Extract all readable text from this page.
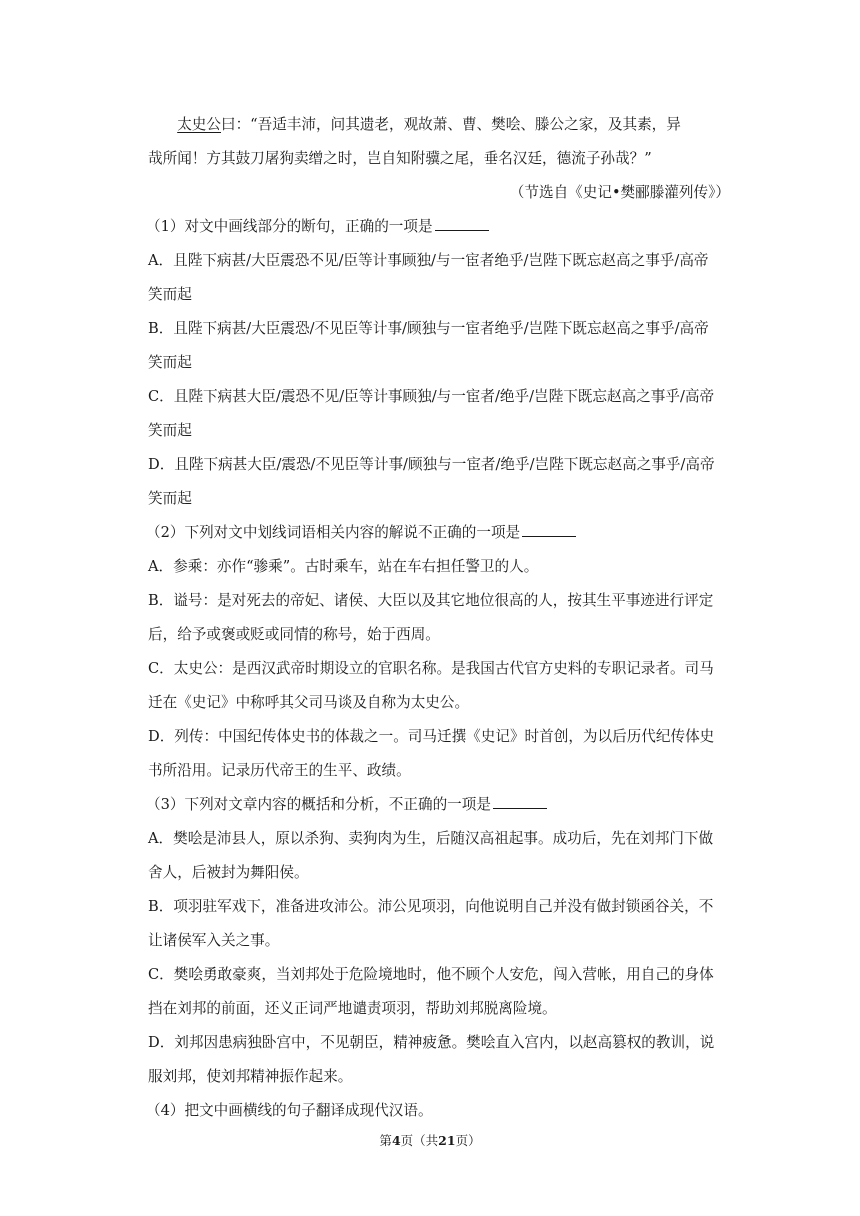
太史公曰：“吾适丰沛，问其遗老，观故萧、曹、樊哙、滕公之家，及其素，异

哉所闻！方其鼓刀屠狗卖缯之时，岂自知附骥之尾，垂名汉廷，德流子孙哉？”

（节选自《史记•樊郦滕灌列传》）

（1）对文中画线部分的断句，正确的一项是

A．且陛下病甚/大臣震恐不见/臣等计事顾独/与一宦者绝乎/岂陛下既忘赵高之事乎/高帝

笑而起

B．且陛下病甚/大臣震恐/不见臣等计事/顾独与一宦者绝乎/岂陛下既忘赵高之事乎/高帝

笑而起

C．且陛下病甚大臣/震恐不见/臣等计事顾独/与一宦者/绝乎/岂陛下既忘赵高之事乎/高帝

笑而起

D．且陛下病甚大臣/震恐/不见臣等计事/顾独与一宦者/绝乎/岂陛下既忘赵高之事乎/高帝

笑而起

（2）下列对文中划线词语相关内容的解说不正确的一项是

A．参乘：亦作“骖乘”。古时乘车，站在车右担任警卫的人。

B．谥号：是对死去的帝妃、诸侯、大臣以及其它地位很高的人，按其生平事迹进行评定

后，给予或褒或贬或同情的称号，始于西周。

C．太史公：是西汉武帝时期设立的官职名称。是我国古代官方史料的专职记录者。司马

迁在《史记》中称呼其父司马谈及自称为太史公。

D．列传：中国纪传体史书的体裁之一。司马迁撰《史记》时首创，为以后历代纪传体史

书所沿用。记录历代帝王的生平、政绩。

（3）下列对文章内容的概括和分析，不正确的一项是

A．樊哙是沛县人，原以杀狗、卖狗肉为生，后随汉高祖起事。成功后，先在刘邦门下做

舍人，后被封为舞阳侯。

B．项羽驻军戏下，准备进攻沛公。沛公见项羽，向他说明自己并没有做封锁函谷关，不

让诸侯军入关之事。

C．樊哙勇敢豪爽，当刘邦处于危险境地时，他不顾个人安危，闯入营帐，用自己的身体

挡在刘邦的前面，还义正词严地谴责项羽，帮助刘邦脱离险境。

D．刘邦因患病独卧宫中，不见朝臣，精神疲惫。樊哙直入宫内，以赵高篡权的教训，说

服刘邦，使刘邦精神振作起来。

（4）把文中画横线的句子翻译成现代汉语。

第4页（共21页）
